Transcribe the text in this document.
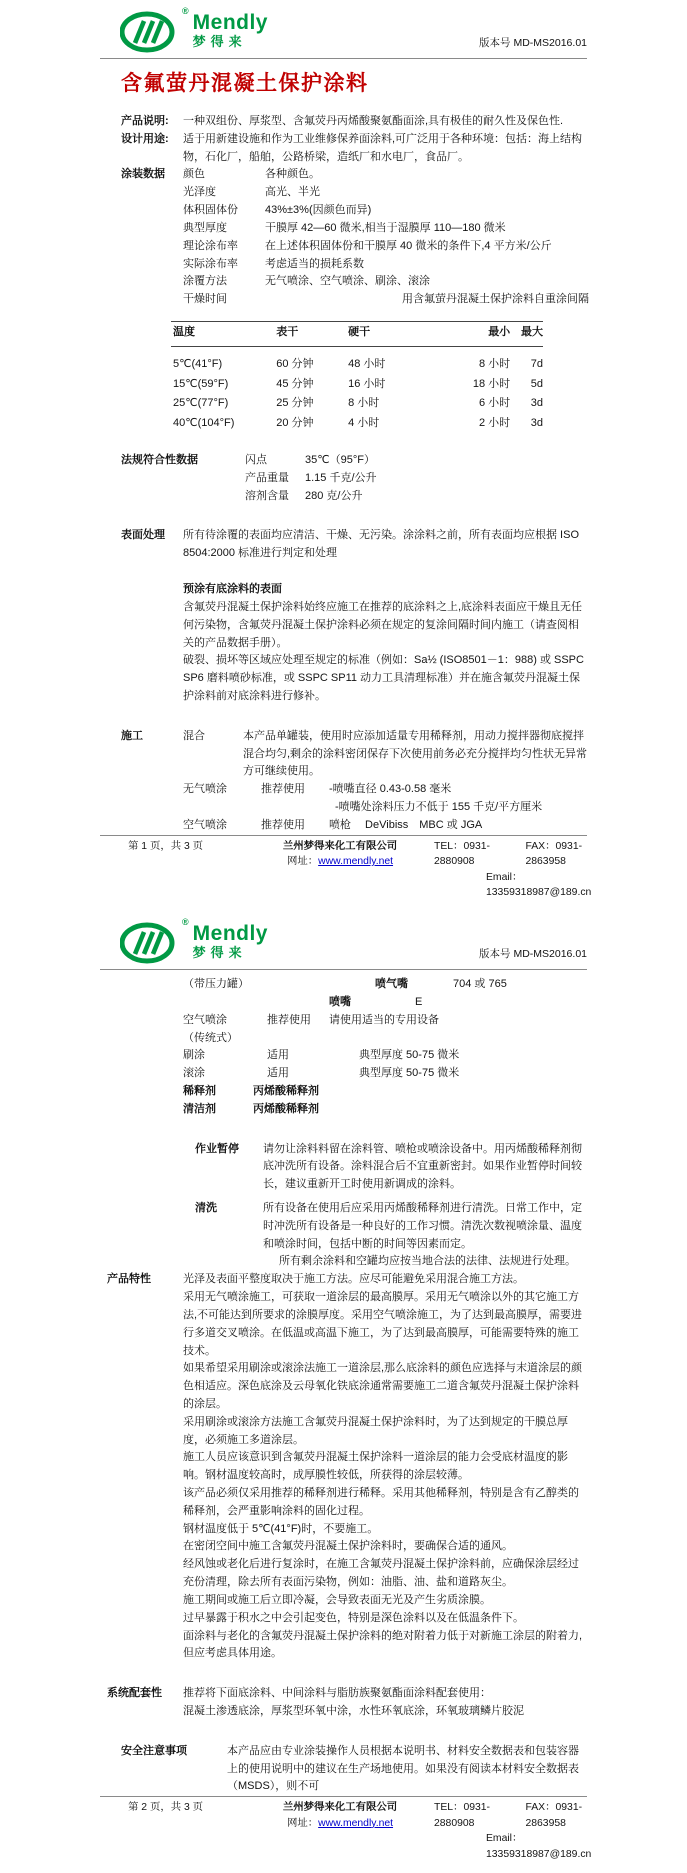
® Mendly
梦得来	版本号 MD-MS2016.01
含氟萤丹混凝土保护涂料
产品说明:	一种双组份、厚浆型、含氟荧丹丙烯酸聚氨酯面涂,具有极佳的耐久性及保色性.
设计用途:	适于用新建设施和作为工业维修保养面涂料,可广泛用于各种环境：包括：海上结构物，石化厂，船舶，公路桥梁，造纸厂和水电厂，食品厂。
涂装数据	颜色	各种颜色。
光泽度	高光、半光
体积固体份	43%±3%(因颜色而异)
典型厚度	干膜厚 42—60 微米,相当于湿膜厚 110—180 微米
理论涂布率	在上述体积固体份和干膜厚 40 微米的条件下,4 平方米/公斤
实际涂布率	考虑适当的损耗系数
涂覆方法	无气喷涂、空气喷涂、刷涂、滚涂
干燥时间	用含氟萤丹混凝土保护涂料自重涂间隔
温度	表干	硬干	最小	最大

5℃(41°F)	60 分钟	48 小时	8 小时	7d
15℃(59°F)	45 分钟	16 小时	18 小时	5d
25℃(77°F)	25 分钟	8 小时	6 小时	3d
40℃(104°F)	20 分钟	4 小时	2 小时	3d
法规符合性数据	闪点	35℃（95°F）
产品重量	1.15 千克/公升
溶剂含量	280 克/公升
表面处理	所有待涂覆的表面均应清洁、干燥、无污染。涂涂料之前，所有表面均应根据 ISO 8504:2000 标准进行判定和处理
预涂有底涂料的表面
含氟荧丹混凝土保护涂料始终应施工在推荐的底涂料之上,底涂料表面应干燥且无任何污染物，含氟荧丹混凝土保护涂料必须在规定的复涂间隔时间内施工（请查阅相关的产品数据手册）。
破裂、损坏等区域应处理至规定的标准（例如：Sa½ (ISO8501－1：988) 或 SSPC SP6 磨料喷砂标准，或 SSPC SP11 动力工具清理标准）并在施含氟荧丹混凝土保护涂料前对底涂料进行修补。
施工	混合	本产品单罐装，使用时应添加适量专用稀释剂，用动力搅拌器彻底搅拌混合均匀,剩余的涂料密闭保存下次使用前务必充分搅拌均匀性状无异常方可继续使用。
无气喷涂	推荐使用	-喷嘴直径 0.43-0.58 毫米
-喷嘴处涂料压力不低于 155 千克/平方厘米
空气喷涂	推荐使用	喷枪　 DeVibiss　MBC 或 JGA
第 1 页，共 3 页	兰州梦得来化工有限公司
网址：www.mendly.net
TEL：0931-2880908
FAX：0931-2863958
Email：13359318987@189.cn
® Mendly
梦得来	版本号 MD-MS2016.01
（带压力罐）	喷气嘴	704 或 765
喷嘴	E
空气喷涂	推荐使用	请使用适当的专用设备
（传统式）
刷涂	适用	典型厚度 50-75 微米
滚涂	适用	典型厚度 50-75 微米
稀释剂	丙烯酸稀释剂
清洁剂	丙烯酸稀释剂
作业暂停	请勿让涂料料留在涂料管、喷枪或喷涂设备中。用丙烯酸稀释剂彻底冲洗所有设备。涂料混合后不宜重新密封。如果作业暂停时间较长，建议重新开工时使用新调成的涂料。
清洗	所有设备在使用后应采用丙烯酸稀释剂进行清洗。日常工作中，定时冲洗所有设备是一种良好的工作习惯。清洗次数视喷涂量、温度和喷涂时间，包括中断的时间等因素而定。
所有剩余涂料和空罐均应按当地合法的法律、法规进行处理。
产品特性	光泽及表面平整度取决于施工方法。应尽可能避免采用混合施工方法。
采用无气喷涂施工，可获取一道涂层的最高膜厚。采用无气喷涂以外的其它施工方法,不可能达到所要求的涂膜厚度。采用空气喷涂施工，为了达到最高膜厚，需要进行多道交叉喷涂。在低温或高温下施工，为了达到最高膜厚，可能需要特殊的施工技术。
如果希望采用刷涂或滚涂法施工一道涂层,那么底涂料的颜色应选择与末道涂层的颜色相适应。深色底涂及云母氧化铁底涂通常需要施工二道含氟荧丹混凝土保护涂料的涂层。
采用刷涂或滚涂方法施工含氟荧丹混凝土保护涂料时，为了达到规定的干膜总厚度，必须施工多道涂层。
施工人员应该意识到含氟荧丹混凝土保护涂料一道涂层的能力会受底材温度的影响。钢材温度较高时，成厚膜性较低，所获得的涂层较薄。
该产品必须仅采用推荐的稀释剂进行稀释。采用其他稀释剂，特别是含有乙醇类的稀释剂，会严重影响涂料的固化过程。
钢材温度低于 5℃(41°F)时，不要施工。
在密闭空间中施工含氟荧丹混凝土保护涂料时，要确保合适的通风。
经风蚀或老化后进行复涂时，在施工含氟荧丹混凝土保护涂料前，应确保涂层经过充份清理，除去所有表面污染物，例如：油脂、油、盐和道路灰尘。
施工期间或施工后立即冷凝，会导致表面无光及产生劣质涂膜。
过早暴露于积水之中会引起变色，特别是深色涂料以及在低温条件下。
面涂料与老化的含氟荧丹混凝土保护涂料的绝对附着力低于对新施工涂层的附着力,但应考虑具体用途。
系统配套性	推荐将下面底涂料、中间涂料与脂肪族聚氨酯面涂料配套使用：
混凝土渗透底涂，厚浆型环氧中涂，水性环氧底涂，环氧玻璃鳞片胶泥
安全注意事项	本产品应由专业涂装操作人员根据本说明书、材料安全数据表和包装容器上的使用说明中的建议在生产场地使用。如果没有阅读本材料安全数据表（MSDS），则不可
第 2 页，共 3 页	兰州梦得来化工有限公司
网址：www.mendly.net
TEL：0931-2880908
FAX：0931-2863958
Email：13359318987@189.cn
